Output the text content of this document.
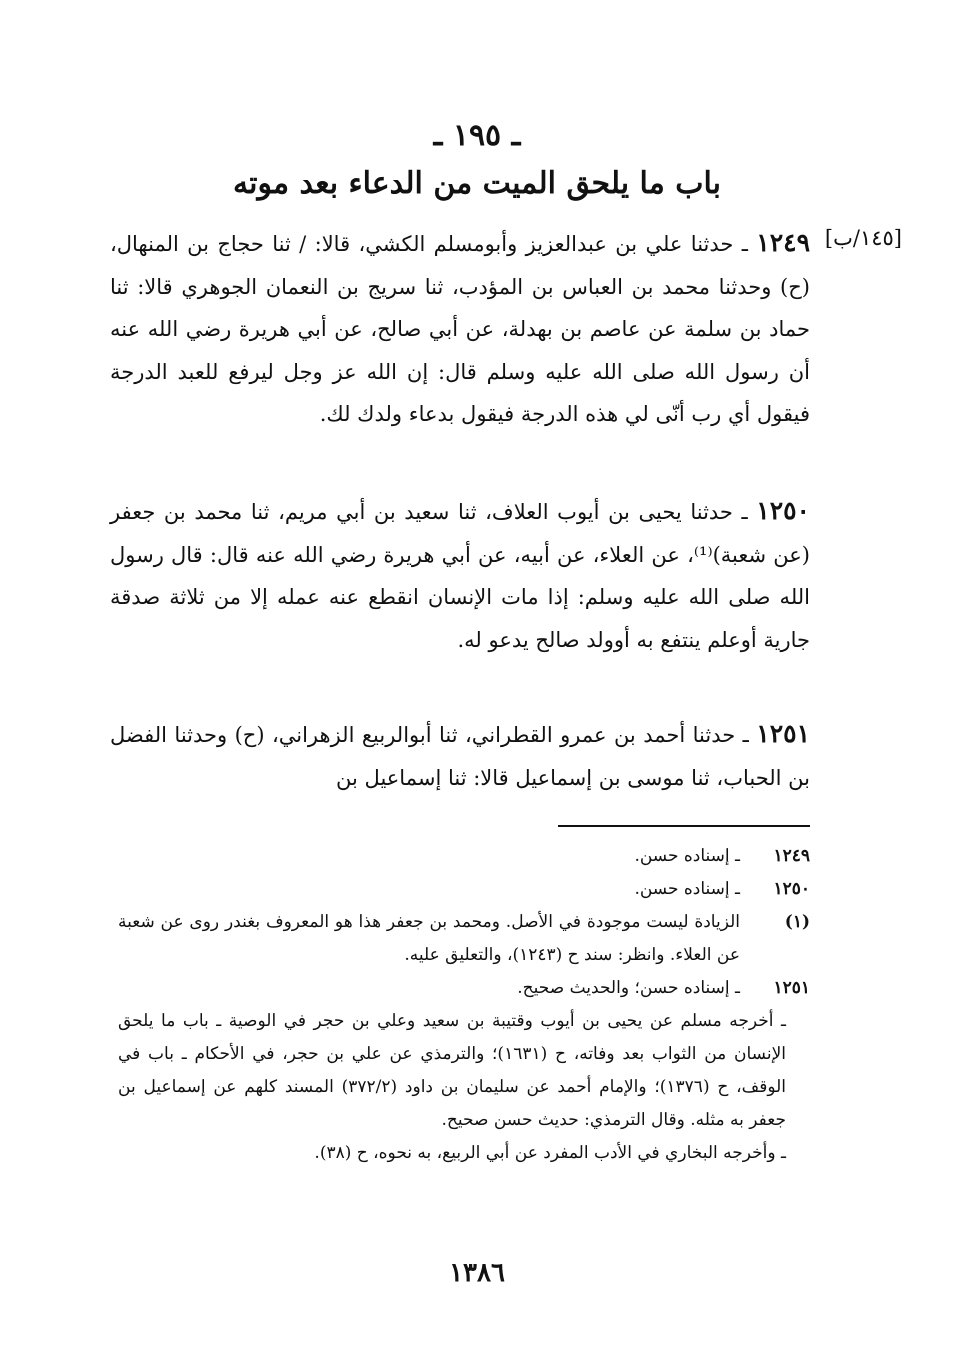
ـ ١٩٥ ـ
باب ما يلحق الميت من الدعاء بعد موته
[١٤٥/ب]
١٢٤٩ ـ حدثنا علي بن عبدالعزيز وأبومسلم الكشي، قالا: / ثنا حجاج بن المنهال، (ح) وحدثنا محمد بن العباس بن المؤدب، ثنا سريج بن النعمان الجوهري قالا: ثنا حماد بن سلمة عن عاصم بن بهدلة، عن أبي صالح، عن أبي هريرة رضي الله عنه أن رسول الله صلى الله عليه وسلم قال: إن الله عز وجل ليرفع للعبد الدرجة فيقول أي رب أنّى لي هذه الدرجة فيقول بدعاء ولدك لك.
١٢٥٠ ـ حدثنا يحيى بن أيوب العلاف، ثنا سعيد بن أبي مريم، ثنا محمد بن جعفر (عن شعبة)⁽¹⁾، عن العلاء، عن أبيه، عن أبي هريرة رضي الله عنه قال: قال رسول الله صلى الله عليه وسلم: إذا مات الإنسان انقطع عنه عمله إلا من ثلاثة صدقة جارية أوعلم ينتفع به أوولد صالح يدعو له.
١٢٥١ ـ حدثنا أحمد بن عمرو القطراني، ثنا أبوالربيع الزهراني، (ح) وحدثنا الفضل بن الحباب، ثنا موسى بن إسماعيل قالا: ثنا إسماعيل بن
١٢٤٩
ـ إسناده حسن.
١٢٥٠
ـ إسناده حسن.
(١)
الزيادة ليست موجودة في الأصل. ومحمد بن جعفر هذا هو المعروف بغندر روى عن شعبة عن العلاء. وانظر: سند ح (١٢٤٣)، والتعليق عليه.
١٢٥١
ـ إسناده حسن؛ والحديث صحيح.
ـ أخرجه مسلم عن يحيى بن أيوب وقتيبة بن سعيد وعلي بن حجر في الوصية ـ باب ما يلحق الإنسان من الثواب بعد وفاته، ح (١٦٣١)؛ والترمذي عن علي بن حجر، في الأحكام ـ باب في الوقف، ح (١٣٧٦)؛ والإمام أحمد عن سليمان بن داود (٣٧٢/٢) المسند كلهم عن إسماعيل بن جعفر به مثله. وقال الترمذي: حديث حسن صحيح.
ـ وأخرجه البخاري في الأدب المفرد عن أبي الربيع، به نحوه، ح (٣٨).
١٣٨٦
